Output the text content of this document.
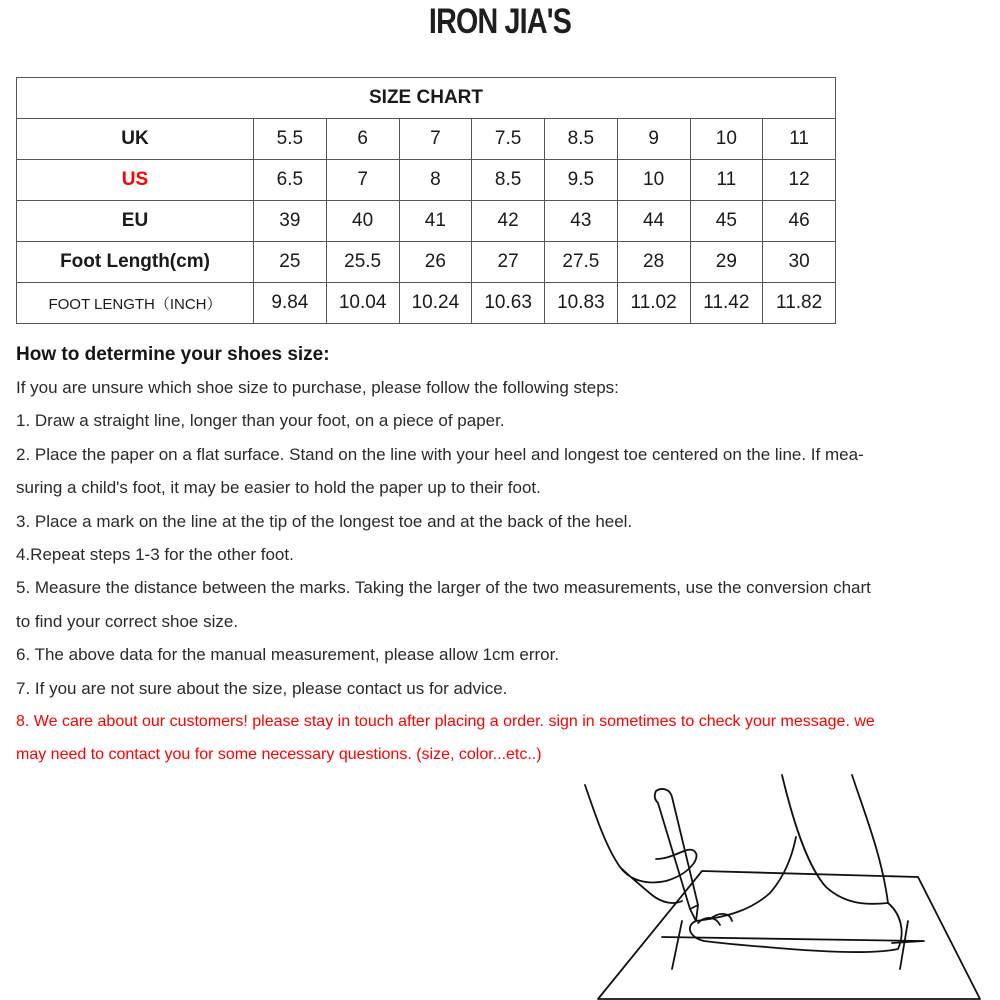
IRON JIA'S
SIZE CHART								
UK	5.5	6	7	7.5	8.5	9	10	11
US	6.5	7	8	8.5	9.5	10	11	12
EU	39	40	41	42	43	44	45	46
Foot Length(cm)	25	25.5	26	27	27.5	28	29	30
FOOT LENGTH（INCH）	9.84	10.04	10.24	10.63	10.83	11.02	11.42	11.82
How to determine your shoes size:

If you are unsure which shoe size to purchase, please follow the following steps:

1. Draw a straight line, longer than your foot, on a piece of paper.

2. Place the paper on a flat surface. Stand on the line with your heel and longest toe centered on the line. If mea-

suring a child's foot, it may be easier to hold the paper up to their foot.

3. Place a mark on the line at the tip of the longest toe and at the back of the heel.

4.Repeat steps 1-3 for the other foot.

5. Measure the distance between the marks. Taking the larger of the two measurements, use the conversion chart

to find your correct shoe size.

6. The above data for the manual measurement, please allow 1cm error.

7. If you are not sure about the size, please contact us for advice.

8. We care about our customers! please stay in touch after placing a order. sign in sometimes to check your message. we

may need to contact you for some necessary questions. (size, color...etc..)
